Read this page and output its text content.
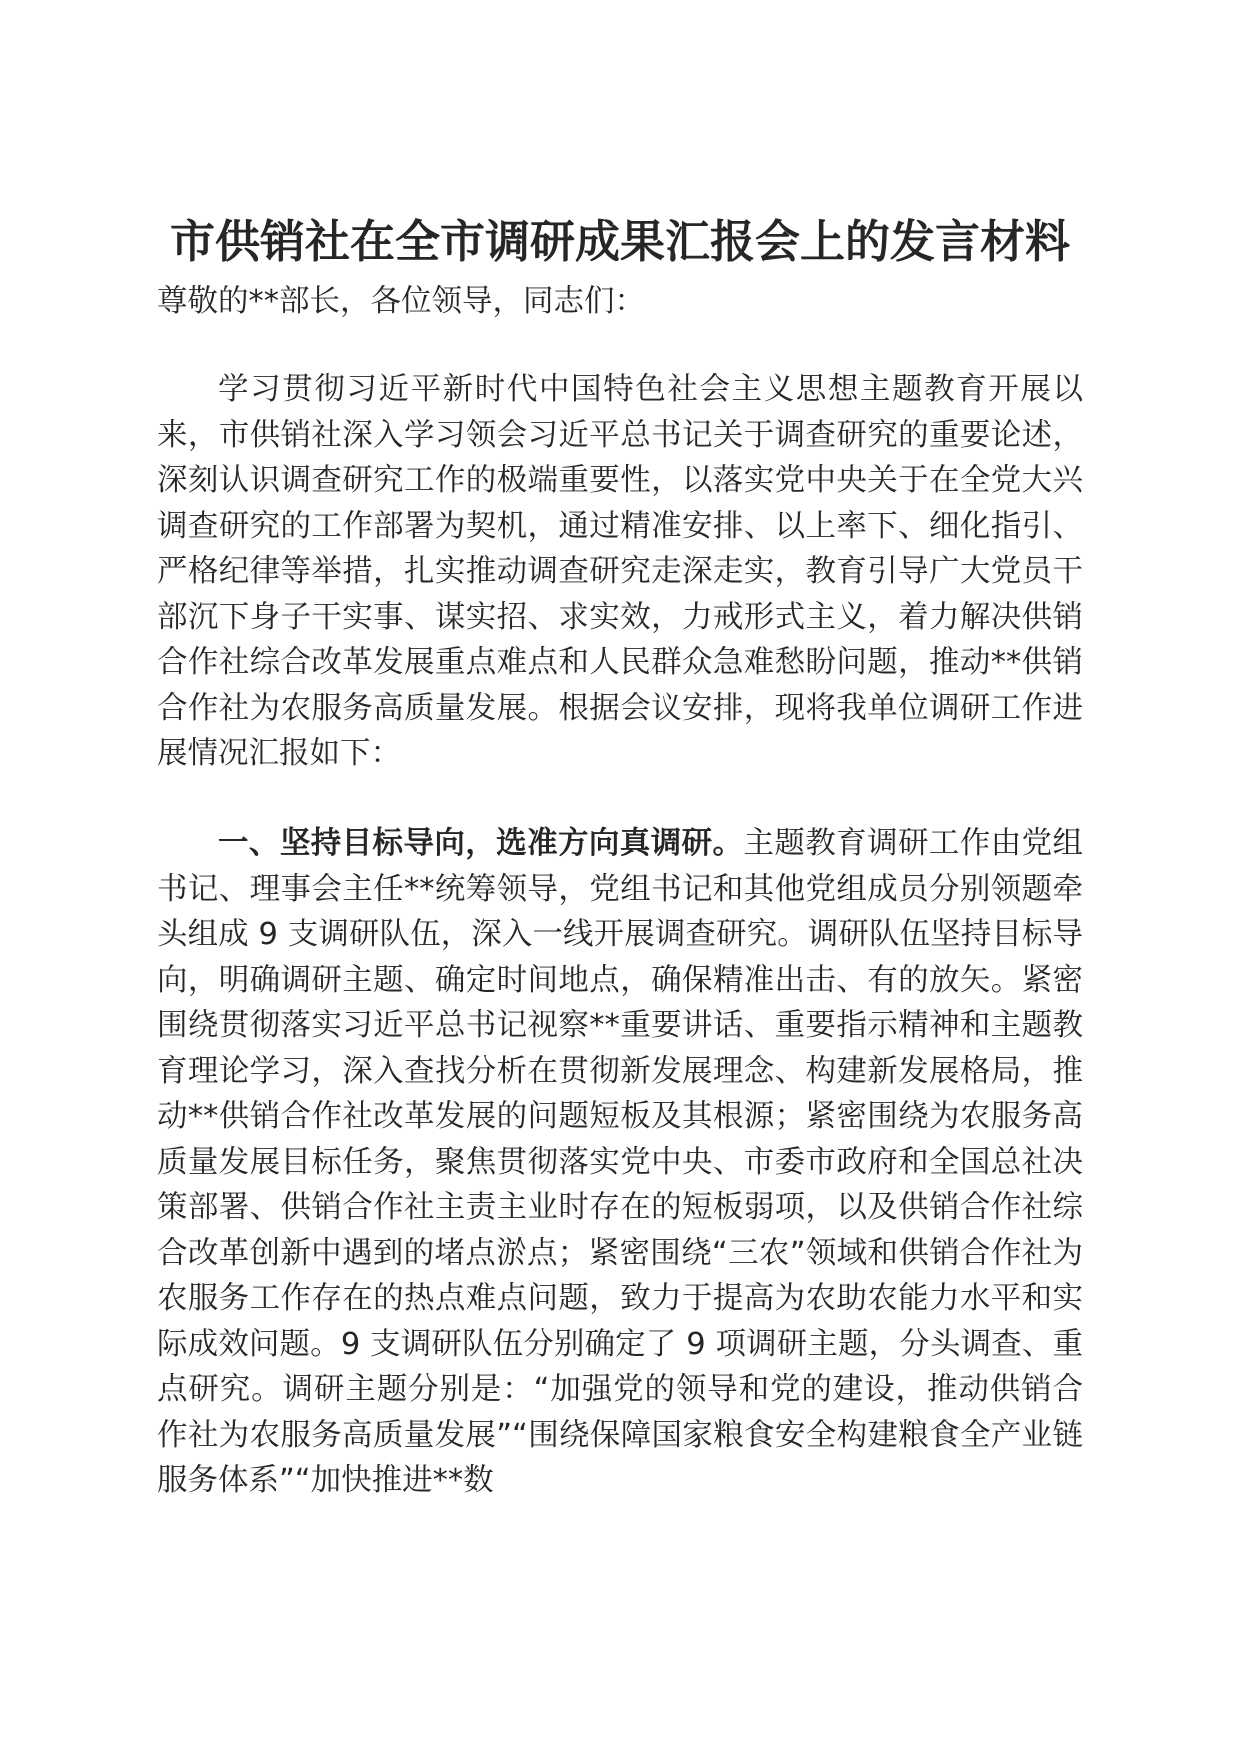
市供销社在全市调研成果汇报会上的发言材料

尊敬的**部长，各位领导，同志们：

学习贯彻习近平新时代中国特色社会主义思想主题教育开展以来，市供销社深入学习领会习近平总书记关于调查研究的重要论述，深刻认识调查研究工作的极端重要性，以落实党中央关于在全党大兴调查研究的工作部署为契机，通过精准安排、以上率下、细化指引、严格纪律等举措，扎实推动调查研究走深走实，教育引导广大党员干部沉下身子干实事、谋实招、求实效，力戒形式主义，着力解决供销合作社综合改革发展重点难点和人民群众急难愁盼问题，推动**供销合作社为农服务高质量发展。根据会议安排，现将我单位调研工作进展情况汇报如下：

一、坚持目标导向，选准方向真调研。主题教育调研工作由党组书记、理事会主任**统筹领导，党组书记和其他党组成员分别领题牵头组成 9 支调研队伍，深入一线开展调查研究。调研队伍坚持目标导向，明确调研主题、确定时间地点，确保精准出击、有的放矢。紧密围绕贯彻落实习近平总书记视察**重要讲话、重要指示精神和主题教育理论学习，深入查找分析在贯彻新发展理念、构建新发展格局，推动**供销合作社改革发展的问题短板及其根源；紧密围绕为农服务高质量发展目标任务，聚焦贯彻落实党中央、市委市政府和全国总社决策部署、供销合作社主责主业时存在的短板弱项，以及供销合作社综合改革创新中遇到的堵点淤点；紧密围绕“三农”领域和供销合作社为农服务工作存在的热点难点问题，致力于提高为农助农能力水平和实际成效问题。9 支调研队伍分别确定了 9 项调研主题，分头调查、重点研究。调研主题分别是：“加强党的领导和党的建设，推动供销合作社为农服务高质量发展”“围绕保障国家粮食安全构建粮食全产业链服务体系”“加快推进**数
